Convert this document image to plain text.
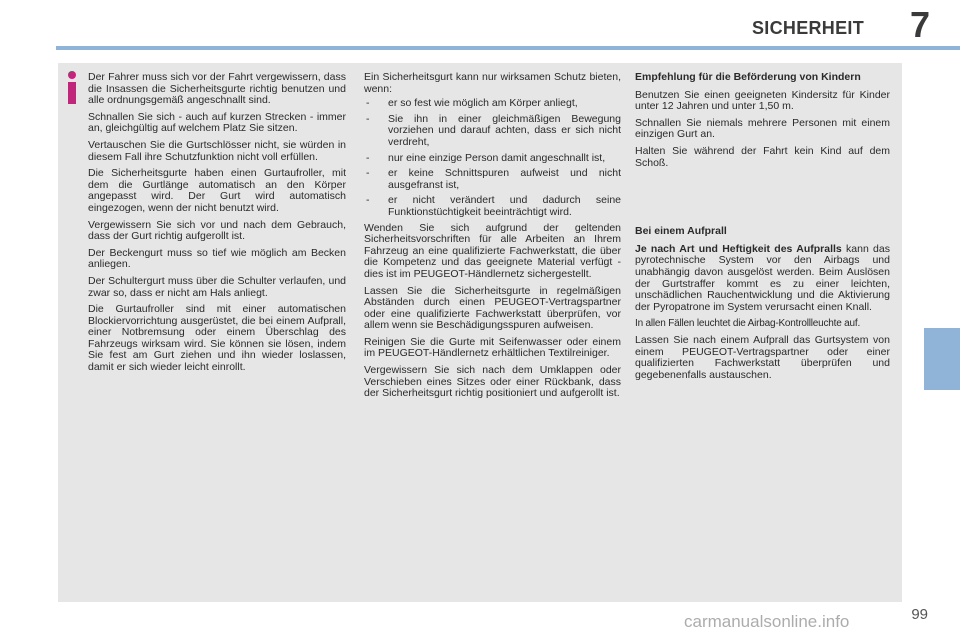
SICHERHEIT 7

Der Fahrer muss sich vor der Fahrt vergewissern, dass die Insassen die Sicherheitsgurte richtig benutzen und alle ordnungsgemäß angeschnallt sind.

Schnallen Sie sich - auch auf kurzen Strecken - immer an, gleichgültig auf welchem Platz Sie sitzen.

Vertauschen Sie die Gurtschlösser nicht, sie würden in diesem Fall ihre Schutzfunktion nicht voll erfüllen.

Die Sicherheitsgurte haben einen Gurtaufroller, mit dem die Gurtlänge automatisch an den Körper angepasst wird. Der Gurt wird automatisch eingezogen, wenn der nicht benutzt wird.

Vergewissern Sie sich vor und nach dem Gebrauch, dass der Gurt richtig aufgerollt ist.

Der Beckengurt muss so tief wie möglich am Becken anliegen.

Der Schultergurt muss über die Schulter verlaufen, und zwar so, dass er nicht am Hals anliegt.

Die Gurtaufroller sind mit einer automatischen Blockiervorrichtung ausgerüstet, die bei einem Aufprall, einer Notbremsung oder einem Überschlag des Fahrzeugs wirksam wird. Sie können sie lösen, indem Sie fest am Gurt ziehen und ihn wieder loslassen, damit er sich wieder leicht einrollt.

Ein Sicherheitsgurt kann nur wirksamen Schutz bieten, wenn:

- er so fest wie möglich am Körper anliegt,
- Sie ihn in einer gleichmäßigen Bewegung vorziehen und darauf achten, dass er sich nicht verdreht,
- nur eine einzige Person damit angeschnallt ist,
- er keine Schnittspuren aufweist und nicht ausgefranst ist,
- er nicht verändert und dadurch seine Funktionstüchtigkeit beeinträchtigt wird.

Wenden Sie sich aufgrund der geltenden Sicherheitsvorschriften für alle Arbeiten an Ihrem Fahrzeug an eine qualifizierte Fachwerkstatt, die über die Kompetenz und das geeignete Material verfügt - dies ist im PEUGEOT-Händlernetz sichergestellt.

Lassen Sie die Sicherheitsgurte in regelmäßigen Abständen durch einen PEUGEOT-Vertragspartner oder eine qualifizierte Fachwerkstatt überprüfen, vor allem wenn sie Beschädigungsspuren aufweisen.

Reinigen Sie die Gurte mit Seifenwasser oder einem im PEUGEOT-Händlernetz erhältlichen Textilreiniger.

Vergewissern Sie sich nach dem Umklappen oder Verschieben eines Sitzes oder einer Rückbank, dass der Sicherheitsgurt richtig positioniert und aufgerollt ist.

Empfehlung für die Beförderung von Kindern

Benutzen Sie einen geeigneten Kindersitz für Kinder unter 12 Jahren und unter 1,50 m.

Schnallen Sie niemals mehrere Personen mit einem einzigen Gurt an.

Halten Sie während der Fahrt kein Kind auf dem Schoß.

Bei einem Aufprall

Je nach Art und Heftigkeit des Aufpralls kann das pyrotechnische System vor den Airbags und unabhängig davon ausgelöst werden. Beim Auslösen der Gurtstraffer kommt es zu einer leichten, unschädlichen Rauchentwicklung und die Aktivierung der Pyropatrone im System verursacht einen Knall.

In allen Fällen leuchtet die Airbag-Kontrollleuchte auf.

Lassen Sie nach einem Aufprall das Gurtsystem von einem PEUGEOT-Vertragspartner oder einer qualifizierten Fachwerkstatt überprüfen und gegebenenfalls austauschen.

99
carmanualsonline.info
